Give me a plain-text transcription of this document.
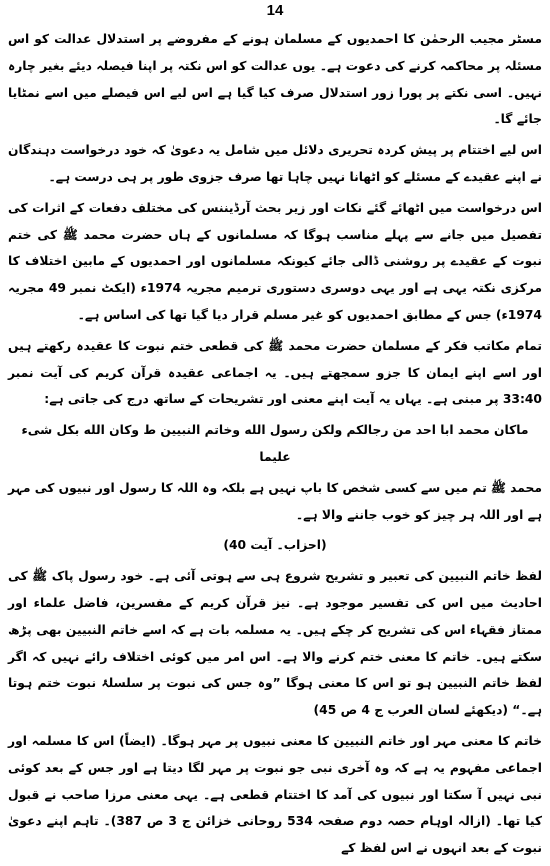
14

مسٹر مجیب الرحمٰن کا احمدیوں کے مسلمان ہونے کے مفروضے پر استدلال عدالت کو اس مسئلہ پر محاکمہ کرنے کی دعوت ہے۔ یوں عدالت کو اس نکتہ پر اپنا فیصلہ دیئے بغیر چارہ نہیں۔ اسی نکتے پر پورا زور استدلال صرف کیا گیا ہے اس لیے اس فیصلے میں اسے نمٹایا جائے گا۔

اس لیے اختتام پر پیش کردہ تحریری دلائل میں شامل یہ دعویٰ کہ خود درخواست دہندگان نے اپنے عقیدے کے مسئلے کو اٹھانا نہیں چاہا تھا صرف جزوی طور پر ہی درست ہے۔

اس درخواست میں اٹھائے گئے نکات اور زیر بحث آرڈیننس کی مختلف دفعات کے اثرات کی تفصیل میں جانے سے پہلے مناسب ہوگا کہ مسلمانوں کے ہاں حضرت محمد ﷺ کی ختم نبوت کے عقیدے پر روشنی ڈالی جائے کیونکہ مسلمانوں اور احمدیوں کے مابین اختلاف کا مرکزی نکتہ یہی ہے اور یہی دوسری دستوری ترمیم مجریہ 1974ء (ایکٹ نمبر 49 مجریہ 1974ء) جس کے مطابق احمدیوں کو غیر مسلم قرار دیا گیا تھا کی اساس ہے۔

تمام مکاتب فکر کے مسلمان حضرت محمد ﷺ کی قطعی ختم نبوت کا عقیدہ رکھتے ہیں اور اسے اپنے ایمان کا جزو سمجھتے ہیں۔ یہ اجماعی عقیدہ قرآن کریم کی آیت نمبر 33:40 پر مبنی ہے۔ یہاں یہ آیت اپنے معنی اور تشریحات کے ساتھ درج کی جاتی ہے:

ماکان محمد ابا احد من رجالکم ولکن رسول الله وخاتم النبیین ط وکان الله بکل شیء علیما

محمد ﷺ تم میں سے کسی شخص کا باپ نہیں ہے بلکہ وہ اللہ کا رسول اور نبیوں کی مہر ہے اور اللہ ہر چیز کو خوب جاننے والا ہے۔

(احزاب۔ آیت 40)

لفظ خاتم النبیین کی تعبیر و تشریح شروع ہی سے ہوتی آئی ہے۔ خود رسول پاک ﷺ کی احادیث میں اس کی تفسیر موجود ہے۔ نیز قرآن کریم کے مفسرین، فاضل علماء اور ممتاز فقہاء اس کی تشریح کر چکے ہیں۔ یہ مسلمہ بات ہے کہ اسے خاتم النبیین بھی پڑھ سکتے ہیں۔ خاتم کا معنی ختم کرنے والا ہے۔ اس امر میں کوئی اختلاف رائے نہیں کہ اگر لفظ خاتم النبیین ہو تو اس کا معنی ہوگا ”وہ جس کی نبوت پر سلسلۂ نبوت ختم ہوتا ہے۔“ (دیکھئے لسان العرب ج 4 ص 45)

خاتم کا معنی مہر اور خاتم النبیین کا معنی نبیوں پر مہر ہوگا۔ (ایضاً) اس کا مسلمہ اور اجماعی مفہوم یہ ہے کہ وہ آخری نبی جو نبوت پر مہر لگا دیتا ہے اور جس کے بعد کوئی نبی نہیں آ سکتا اور نبیوں کی آمد کا اختتام قطعی ہے۔ یہی معنی مرزا صاحب نے قبول کیا تھا۔ (ازالہ اوہام حصہ دوم صفحہ 534 روحانی خزائن ج 3 ص 387)۔ تاہم اپنے دعویٰ نبوت کے بعد انہوں نے اس لفظ کے
